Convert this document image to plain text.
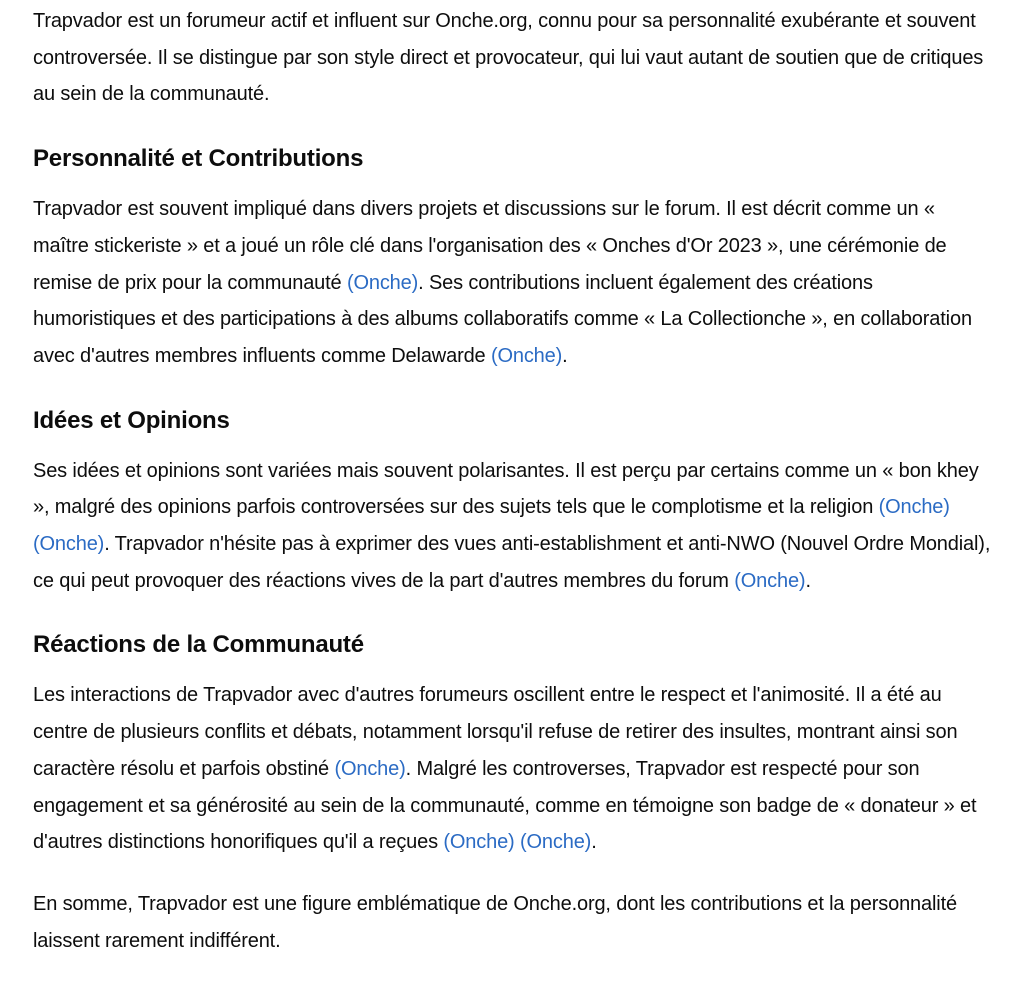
Trapvador est un forumeur actif et influent sur Onche.org, connu pour sa personnalité exubérante et souvent controversée. Il se distingue par son style direct et provocateur, qui lui vaut autant de soutien que de critiques au sein de la communauté.

Personnalité et Contributions

Trapvador est souvent impliqué dans divers projets et discussions sur le forum. Il est décrit comme un « maître stickeriste » et a joué un rôle clé dans l'organisation des « Onches d'Or 2023 », une cérémonie de remise de prix pour la communauté (Onche). Ses contributions incluent également des créations humoristiques et des participations à des albums collaboratifs comme « La Collectionche », en collaboration avec d'autres membres influents comme Delawarde (Onche).

Idées et Opinions

Ses idées et opinions sont variées mais souvent polarisantes. Il est perçu par certains comme un « bon khey », malgré des opinions parfois controversées sur des sujets tels que le complotisme et la religion (Onche) (Onche). Trapvador n'hésite pas à exprimer des vues anti-establishment et anti-NWO (Nouvel Ordre Mondial), ce qui peut provoquer des réactions vives de la part d'autres membres du forum (Onche).

Réactions de la Communauté

Les interactions de Trapvador avec d'autres forumeurs oscillent entre le respect et l'animosité. Il a été au centre de plusieurs conflits et débats, notamment lorsqu'il refuse de retirer des insultes, montrant ainsi son caractère résolu et parfois obstiné (Onche). Malgré les controverses, Trapvador est respecté pour son engagement et sa générosité au sein de la communauté, comme en témoigne son badge de « donateur » et d'autres distinctions honorifiques qu'il a reçues (Onche) (Onche).

En somme, Trapvador est une figure emblématique de Onche.org, dont les contributions et la personnalité laissent rarement indifférent.
